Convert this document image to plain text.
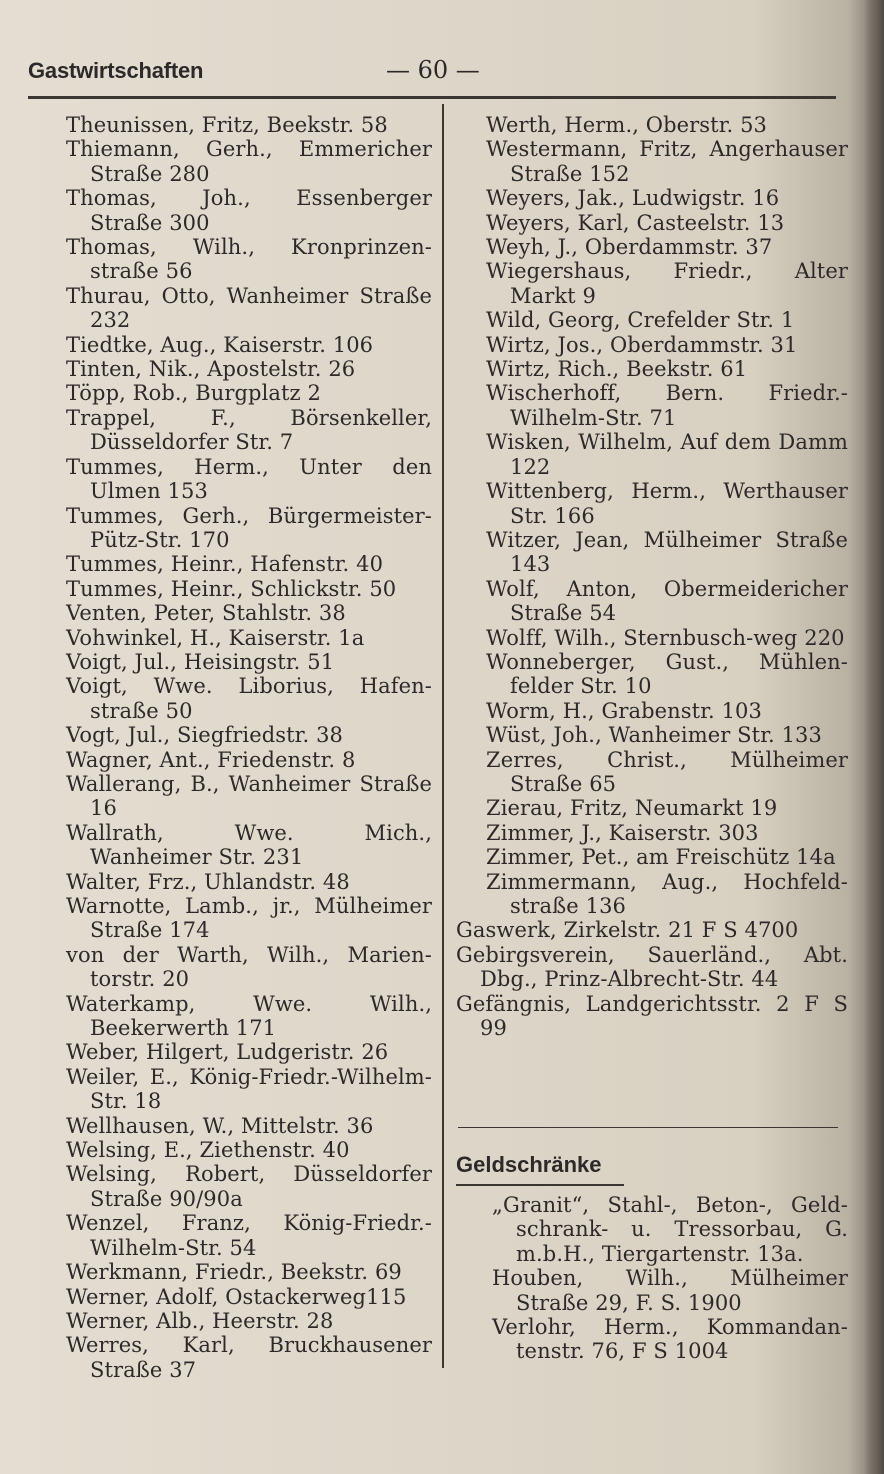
Gastwirtschaften	— 60 —
Theunissen, Fritz, Beekstr. 58
Thiemann, Gerh., Emmericher Straße 280
Thomas, Joh., Essenberger Straße 300
Thomas, Wilh., Kronprinzen-straße 56
Thurau, Otto, Wanheimer Straße 232
Tiedtke, Aug., Kaiserstr. 106
Tinten, Nik., Apostelstr. 26
Töpp, Rob., Burgplatz 2
Trappel, F., Börsenkeller, Düsseldorfer Str. 7
Tummes, Herm., Unter den Ulmen 153
Tummes, Gerh., Bürgermeister-Pütz-Str. 170
Tummes, Heinr., Hafenstr. 40
Tummes, Heinr., Schlickstr. 50
Venten, Peter, Stahlstr. 38
Vohwinkel, H., Kaiserstr. 1a
Voigt, Jul., Heisingstr. 51
Voigt, Wwe. Liborius, Hafen-straße 50
Vogt, Jul., Siegfriedstr. 38
Wagner, Ant., Friedenstr. 8
Wallerang, B., Wanheimer Straße 16
Wallrath, Wwe. Mich., Wanheimer Str. 231
Walter, Frz., Uhlandstr. 48
Warnotte, Lamb., jr., Mülheimer Straße 174
von der Warth, Wilh., Marien-torstr. 20
Waterkamp, Wwe. Wilh., Beekerwerth 171
Weber, Hilgert, Ludgeristr. 26
Weiler, E., König-Friedr.-Wilhelm-Str. 18
Wellhausen, W., Mittelstr. 36
Welsing, E., Ziethenstr. 40
Welsing, Robert, Düsseldorfer Straße 90/90a
Wenzel, Franz, König-Friedr.-Wilhelm-Str. 54
Werkmann, Friedr., Beekstr. 69
Werner, Adolf, Ostackerweg115
Werner, Alb., Heerstr. 28
Werres, Karl, Bruckhausener Straße 37
Werth, Herm., Oberstr. 53
Westermann, Fritz, Angerhauser Straße 152
Weyers, Jak., Ludwigstr. 16
Weyers, Karl, Casteelstr. 13
Weyh, J., Oberdammstr. 37
Wiegershaus, Friedr., Alter Markt 9
Wild, Georg, Crefelder Str. 1
Wirtz, Jos., Oberdammstr. 31
Wirtz, Rich., Beekstr. 61
Wischerhoff, Bern. Friedr.-Wilhelm-Str. 71
Wisken, Wilhelm, Auf dem Damm 122
Wittenberg, Herm., Werthauser Str. 166
Witzer, Jean, Mülheimer Straße 143
Wolf, Anton, Obermeidericher Straße 54
Wolff, Wilh., Sternbusch-weg 220
Wonneberger, Gust., Mühlen-felder Str. 10
Worm, H., Grabenstr. 103
Wüst, Joh., Wanheimer Str. 133
Zerres, Christ., Mülheimer Straße 65
Zierau, Fritz, Neumarkt 19
Zimmer, J., Kaiserstr. 303
Zimmer, Pet., am Freischütz 14a
Zimmermann, Aug., Hochfeld-straße 136
Gaswerk, Zirkelstr. 21 F S 4700
Gebirgsverein, Sauerländ., Abt. Dbg., Prinz-Albrecht-Str. 44
Gefängnis, Landgerichtsstr. 2 F S 99
Geldschränke
„Granit“, Stahl-, Beton-, Geld-schrank- u. Tressorbau, G. m.b.H., Tiergartenstr. 13a.
Houben, Wilh., Mülheimer Straße 29, F. S. 1900
Verlohr, Herm., Kommandan-tenstr. 76, F S 1004
